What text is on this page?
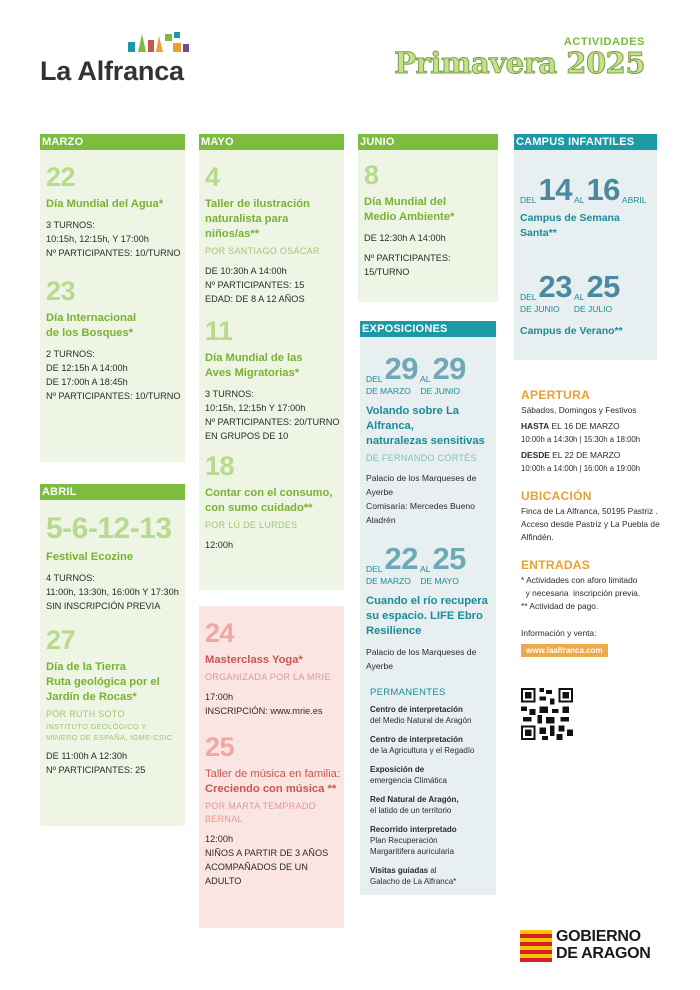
La Alfranca
ACTIVIDADES
Primavera 2025
MARZO
22
Día Mundial del Agua*
3 TURNOS:
10:15h, 12:15h, Y 17:00h
Nº PARTICIPANTES: 10/TURNO
23
Día Internacional
de los Bosques*
2 TURNOS:
DE 12:15h A 14:00h
DE 17:00h A 18:45h
Nº PARTICIPANTES: 10/TURNO
ABRIL
5-6-12-13
Festival Ecozine
4 TURNOS:
11:00h, 13:30h, 16:00h Y 17:30h
SIN INSCRIPCIÓN PREVIA
27
Día de la Tierra
Ruta geológica por el
Jardín de Rocas*
POR RUTH SOTO
INSTITUTO GEOLÓGICO Y
MINERO DE ESPAÑA, IGME-CSIC
DE 11:00h A 12:30h
Nº PARTICIPANTES: 25
MAYO
4
Taller de ilustración
naturalista para niños/as**
POR SANTIAGO OSÁCAR
DE 10:30h A 14:00h
Nº PARTICIPANTES: 15
EDAD: DE 8 A 12 AÑOS
11
Día Mundial de las
Aves Migratorias*
3 TURNOS:
10:15h, 12:15h Y 17:00h
Nº PARTICIPANTES: 20/TURNO
EN GRUPOS DE 10
18
Contar con el consumo,
con sumo cuidado**
POR LÚ DE LURDES
12:00h
24
Masterclass Yoga*
ORGANIZADA POR LA MRIE
17:00h
INSCRIPCIÓN: www.mrie.es
25
Taller de música en familia:
Creciendo con música **
POR MARTA TEMPRADO BERNAL
12:00h
NIÑOS A PARTIR DE 3 AÑOS
ACOMPAÑADOS DE UN ADULTO
JUNIO
8
Día Mundial del
Medio Ambiente*
DE 12:30h A 14:00h
Nº PARTICIPANTES: 15/TURNO
EXPOSICIONES
DEL 29 AL 29
DE MARZO DE JUNIO
Volando sobre La Alfranca,
naturalezas sensitivas
DE FERNANDO CORTÉS
Palacio de los Marqueses de Ayerbe
Comisaría: Mercedes Bueno Aladrén
DEL 22 AL 25
DE MARZO DE MAYO
Cuando el río recupera
su espacio. LIFE Ebro
Resilience
Palacio de los Marqueses de Ayerbe
PERMANENTES
Centro de interpretación
del Medio Natural de Aragón
Centro de interpretación
de la Agricultura y el Regadío
Exposición de
emergencia Climática
Red Natural de Aragón,
el latido de un territorio
Recorrido interpretado
Plan Recuperación
Margaritifera auricularia
Visitas guiadas al
Galacho de La Alfranca*
CAMPUS INFANTILES
DEL 14 AL 16 ABRIL
Campus de Semana Santa**
DEL 23 AL 25
DE JUNIO DE JULIO
Campus de Verano**
APERTURA
Sábados, Domingos y Festivos
HASTA EL 16 DE MARZO
10:00h a 14:30h | 15:30h a 18:00h
DESDE EL 22 DE MARZO
10:00h a 14:00h | 16:00h a 19:00h
UBICACIÓN
Finca de La Alfranca, 50195 Pastriz .
Acceso desde Pastriz y La Puebla de
Alfindén.
ENTRADAS
* Actividades con aforo limitado
y necesaria  inscripción previa.
** Actividad de pago.
Información y venta:
www.laalfranca.com
GOBIERNO
DE ARAGON
